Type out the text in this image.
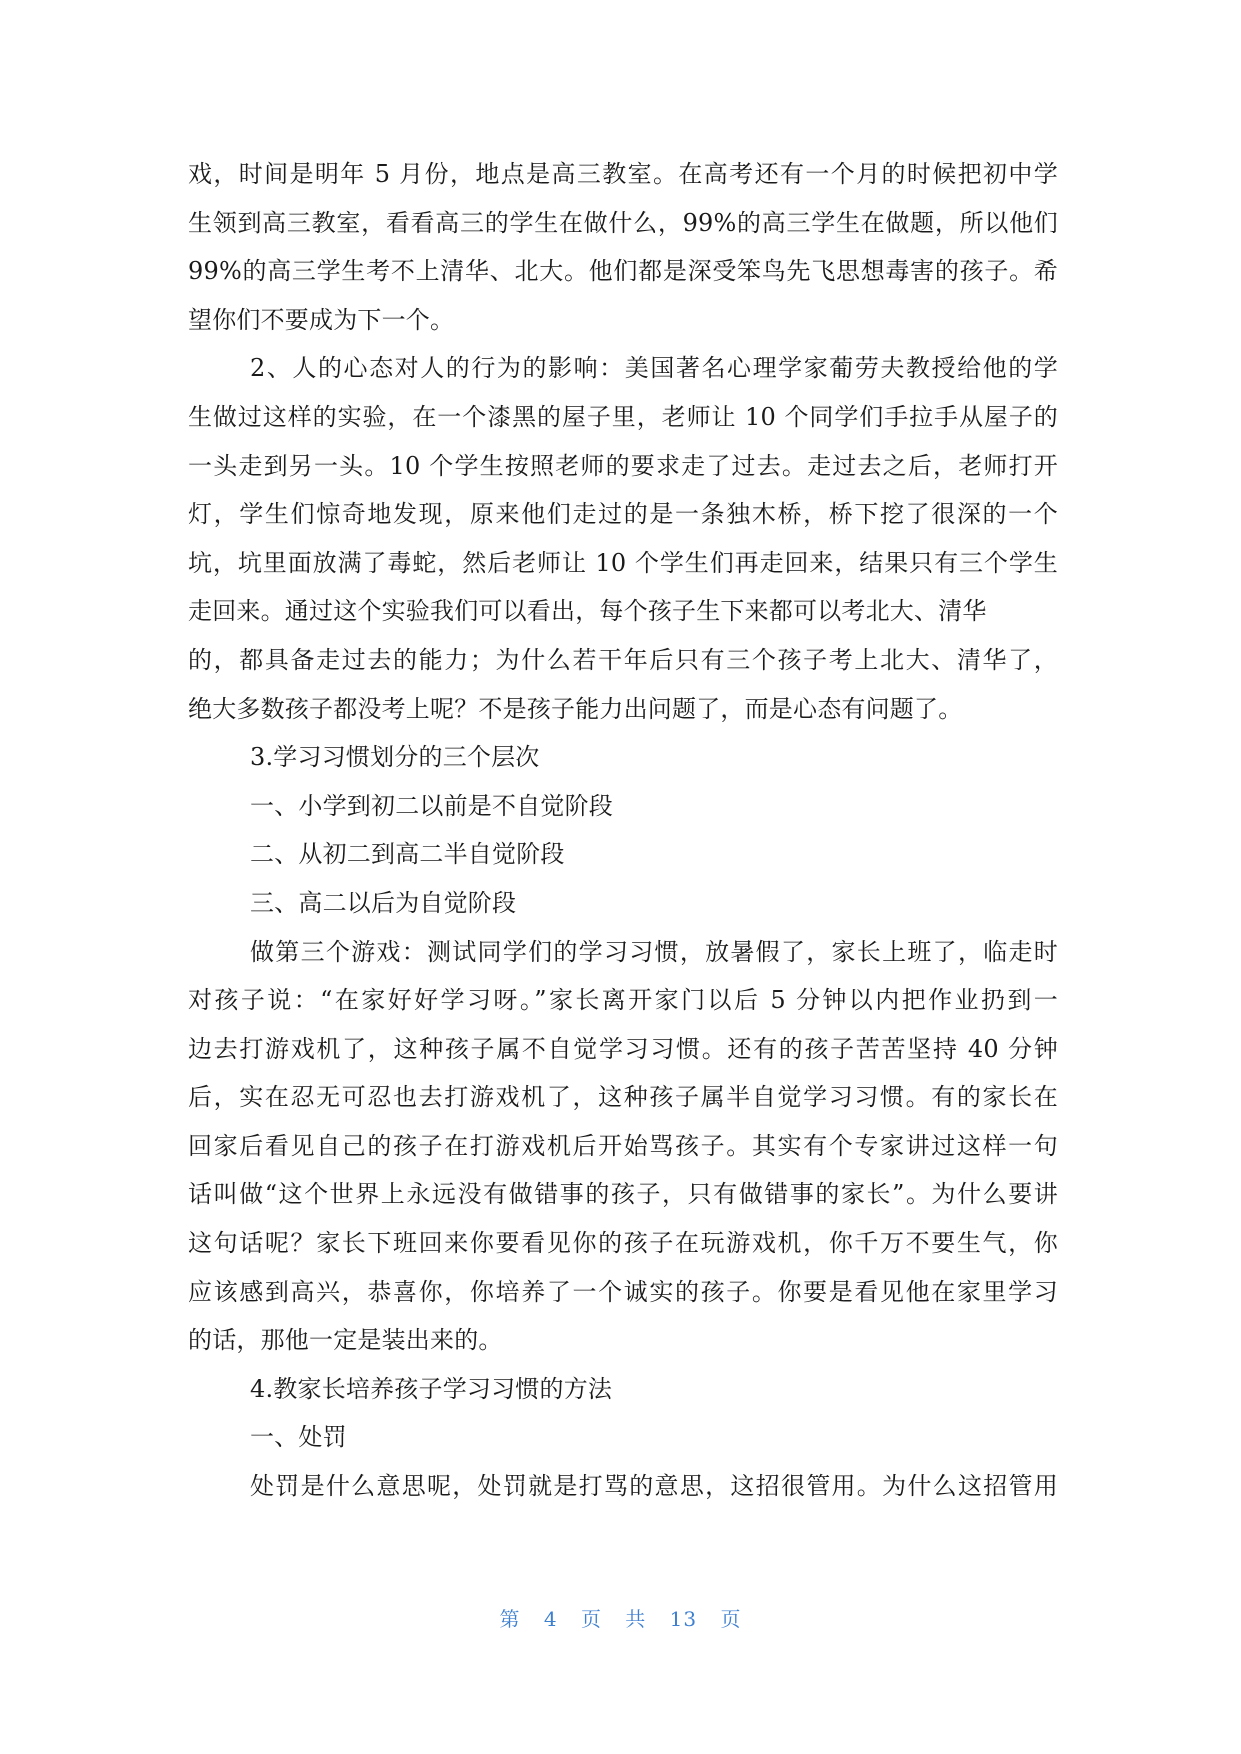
戏，时间是明年 5 月份，地点是高三教室。在高考还有一个月的时候把初中学
生领到高三教室，看看高三的学生在做什么，99%的高三学生在做题，所以他们
99%的高三学生考不上清华、北大。他们都是深受笨鸟先飞思想毒害的孩子。希
望你们不要成为下一个。
2、人的心态对人的行为的影响：美国著名心理学家葡劳夫教授给他的学
生做过这样的实验，在一个漆黑的屋子里，老师让 10 个同学们手拉手从屋子的
一头走到另一头。10 个学生按照老师的要求走了过去。走过去之后，老师打开
灯，学生们惊奇地发现，原来他们走过的是一条独木桥，桥下挖了很深的一个
坑，坑里面放满了毒蛇，然后老师让 10 个学生们再走回来，结果只有三个学生
走回来。通过这个实验我们可以看出，每个孩子生下来都可以考北大、清华
的，都具备走过去的能力；为什么若干年后只有三个孩子考上北大、清华了，
绝大多数孩子都没考上呢？不是孩子能力出问题了，而是心态有问题了。
3.学习习惯划分的三个层次
一、小学到初二以前是不自觉阶段
二、从初二到高二半自觉阶段
三、高二以后为自觉阶段
做第三个游戏：测试同学们的学习习惯，放暑假了，家长上班了，临走时
对孩子说：“在家好好学习呀。”家长离开家门以后 5 分钟以内把作业扔到一
边去打游戏机了，这种孩子属不自觉学习习惯。还有的孩子苦苦坚持 40 分钟
后，实在忍无可忍也去打游戏机了，这种孩子属半自觉学习习惯。有的家长在
回家后看见自己的孩子在打游戏机后开始骂孩子。其实有个专家讲过这样一句
话叫做“这个世界上永远没有做错事的孩子，只有做错事的家长”。为什么要讲
这句话呢？家长下班回来你要看见你的孩子在玩游戏机，你千万不要生气，你
应该感到高兴，恭喜你，你培养了一个诚实的孩子。你要是看见他在家里学习
的话，那他一定是装出来的。
4.教家长培养孩子学习习惯的方法
一、处罚
处罚是什么意思呢，处罚就是打骂的意思，这招很管用。为什么这招管用
第 4 页 共 13 页
